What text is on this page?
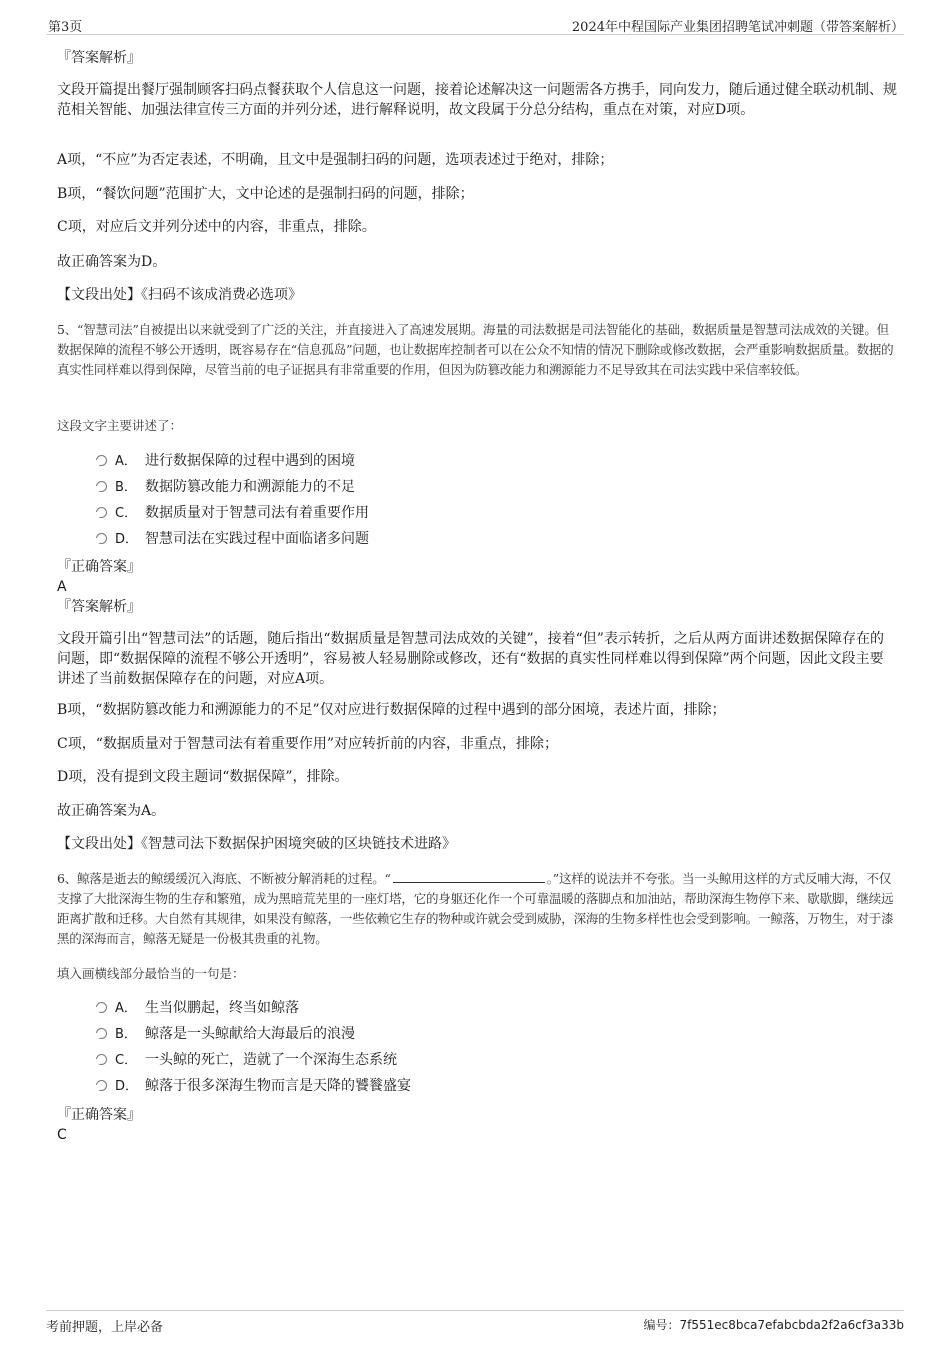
第3页	2024年中程国际产业集团招聘笔试冲刺题（带答案解析）
『答案解析』
文段开篇提出餐厅强制顾客扫码点餐获取个人信息这一问题，接着论述解决这一问题需各方携手，同向发力，随后通过健全联动机制、规范相关智能、加强法律宣传三方面的并列分述，进行解释说明，故文段属于分总分结构，重点在对策，对应D项。
A项，“不应”为否定表述，不明确，且文中是强制扫码的问题，选项表述过于绝对，排除；
B项，“餐饮问题”范围扩大，文中论述的是强制扫码的问题，排除；
C项，对应后文并列分述中的内容，非重点，排除。
故正确答案为D。
【文段出处】《扫码不该成消费必选项》
5、“智慧司法”自被提出以来就受到了广泛的关注，并直接进入了高速发展期。海量的司法数据是司法智能化的基础，数据质量是智慧司法成效的关键。但数据保障的流程不够公开透明，既容易存在“信息孤岛”问题，也让数据库控制者可以在公众不知情的情况下删除或修改数据，会严重影响数据质量。数据的真实性同样难以得到保障，尽管当前的电子证据具有非常重要的作用，但因为防篡改能力和溯源能力不足导致其在司法实践中采信率较低。
这段文字主要讲述了：
A． 进行数据保障的过程中遇到的困境
B． 数据防篡改能力和溯源能力的不足
C． 数据质量对于智慧司法有着重要作用
D． 智慧司法在实践过程中面临诸多问题
『正确答案』
A
『答案解析』
文段开篇引出“智慧司法”的话题，随后指出“数据质量是智慧司法成效的关键”，接着“但”表示转折，之后从两方面讲述数据保障存在的问题，即“数据保障的流程不够公开透明”，容易被人轻易删除或修改，还有“数据的真实性同样难以得到保障”两个问题，因此文段主要讲述了当前数据保障存在的问题，对应A项。
B项，“数据防篡改能力和溯源能力的不足”仅对应进行数据保障的过程中遇到的部分困境，表述片面，排除；
C项，“数据质量对于智慧司法有着重要作用”对应转折前的内容，非重点，排除；
D项，没有提到文段主题词“数据保障”，排除。
故正确答案为A。
【文段出处】《智慧司法下数据保护困境突破的区块链技术进路》
6、鲸落是逝去的鲸缓缓沉入海底、不断被分解消耗的过程。“	。”这样的说法并不夸张。当一头鲸用这样的方式反哺大海，不仅支撑了大批深海生物的生存和繁殖，成为黑暗荒芜里的一座灯塔，它的身躯还化作一个可靠温暖的落脚点和加油站，帮助深海生物停下来、歇歇脚，继续远距离扩散和迁移。大自然有其规律，如果没有鲸落，一些依赖它生存的物种或许就会受到威胁，深海的生物多样性也会受到影响。一鲸落，万物生，对于漆黑的深海而言，鲸落无疑是一份极其贵重的礼物。
填入画横线部分最恰当的一句是：
A． 生当似鹏起，终当如鲸落
B． 鲸落是一头鲸献给大海最后的浪漫
C． 一头鲸的死亡，造就了一个深海生态系统
D． 鲸落于很多深海生物而言是天降的饕餮盛宴
『正确答案』
C
考前押题，上岸必备	编号：7f551ec8bca7efabcbda2f2a6cf3a33b
